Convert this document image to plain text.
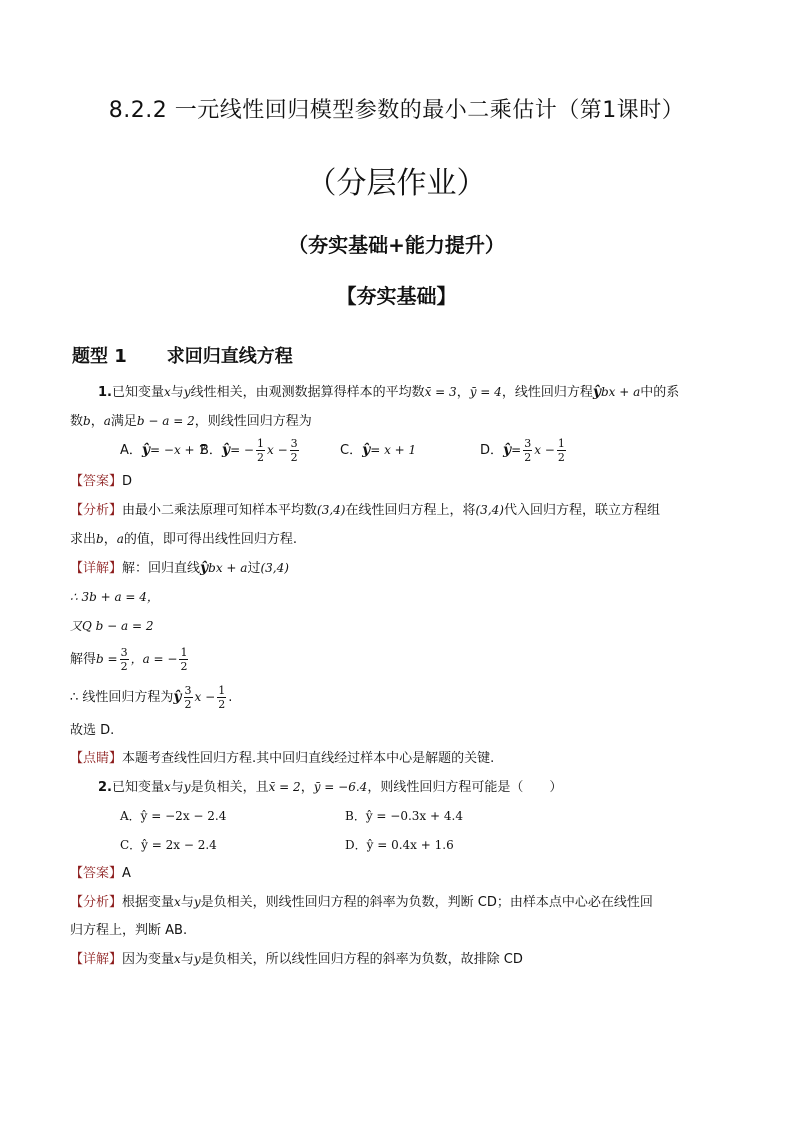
8.2.2 一元线性回归模型参数的最小二乘估计（第1课时）
（分层作业）
（夯实基础+能力提升）
【夯实基础】
题型 1 求回归直线方程
1.已知变量x与y线性相关，由观测数据算得样本的平均数x̄ = 3，ȳ = 4，线性回归方程ŷbx + a中的系
数b，a满足b − a = 2，则线性回归方程为
A．ŷ= −x + 7B．ŷ= − $\frac{1}{2}$ $x - \frac{3}{2}$	C．ŷ= x + 1	D．ŷ= $\frac{3}{2}$ $x - \frac{1}{2}$
【答案】D
【分析】由最小二乘法原理可知样本平均数(3,4)在线性回归方程上，将(3,4)代入回归方程，联立方程组
求出b，a的值，即可得出线性回归方程.
【详解】解：回归直线ŷbx + a过(3,4)
∴ 3b + a = 4，
又Q b − a = 2
解得$b = \frac{3}{2}$ ，a = − $\frac{1}{2}$
∴ 线性回归方程为ŷ $\frac{3}{2}$ $x - \frac{1}{2}$ .
故选 D.
【点睛】本题考查线性回归方程.其中回归直线经过样本中心是解题的关键.
2.已知变量x与y是负相关，且x̄ = 2，ȳ = −6.4，则线性回归方程可能是（　　）
A．ŷ = −2x − 2.4	B．ŷ = −0.3x + 4.4
C．ŷ = 2x − 2.4	D．ŷ = 0.4x + 1.6
【答案】A
【分析】根据变量x与y是负相关，则线性回归方程的斜率为负数，判断 CD；由样本点中心必在线性回
归方程上，判断 AB.
【详解】因为变量x与y是负相关，所以线性回归方程的斜率为负数，故排除 CD
